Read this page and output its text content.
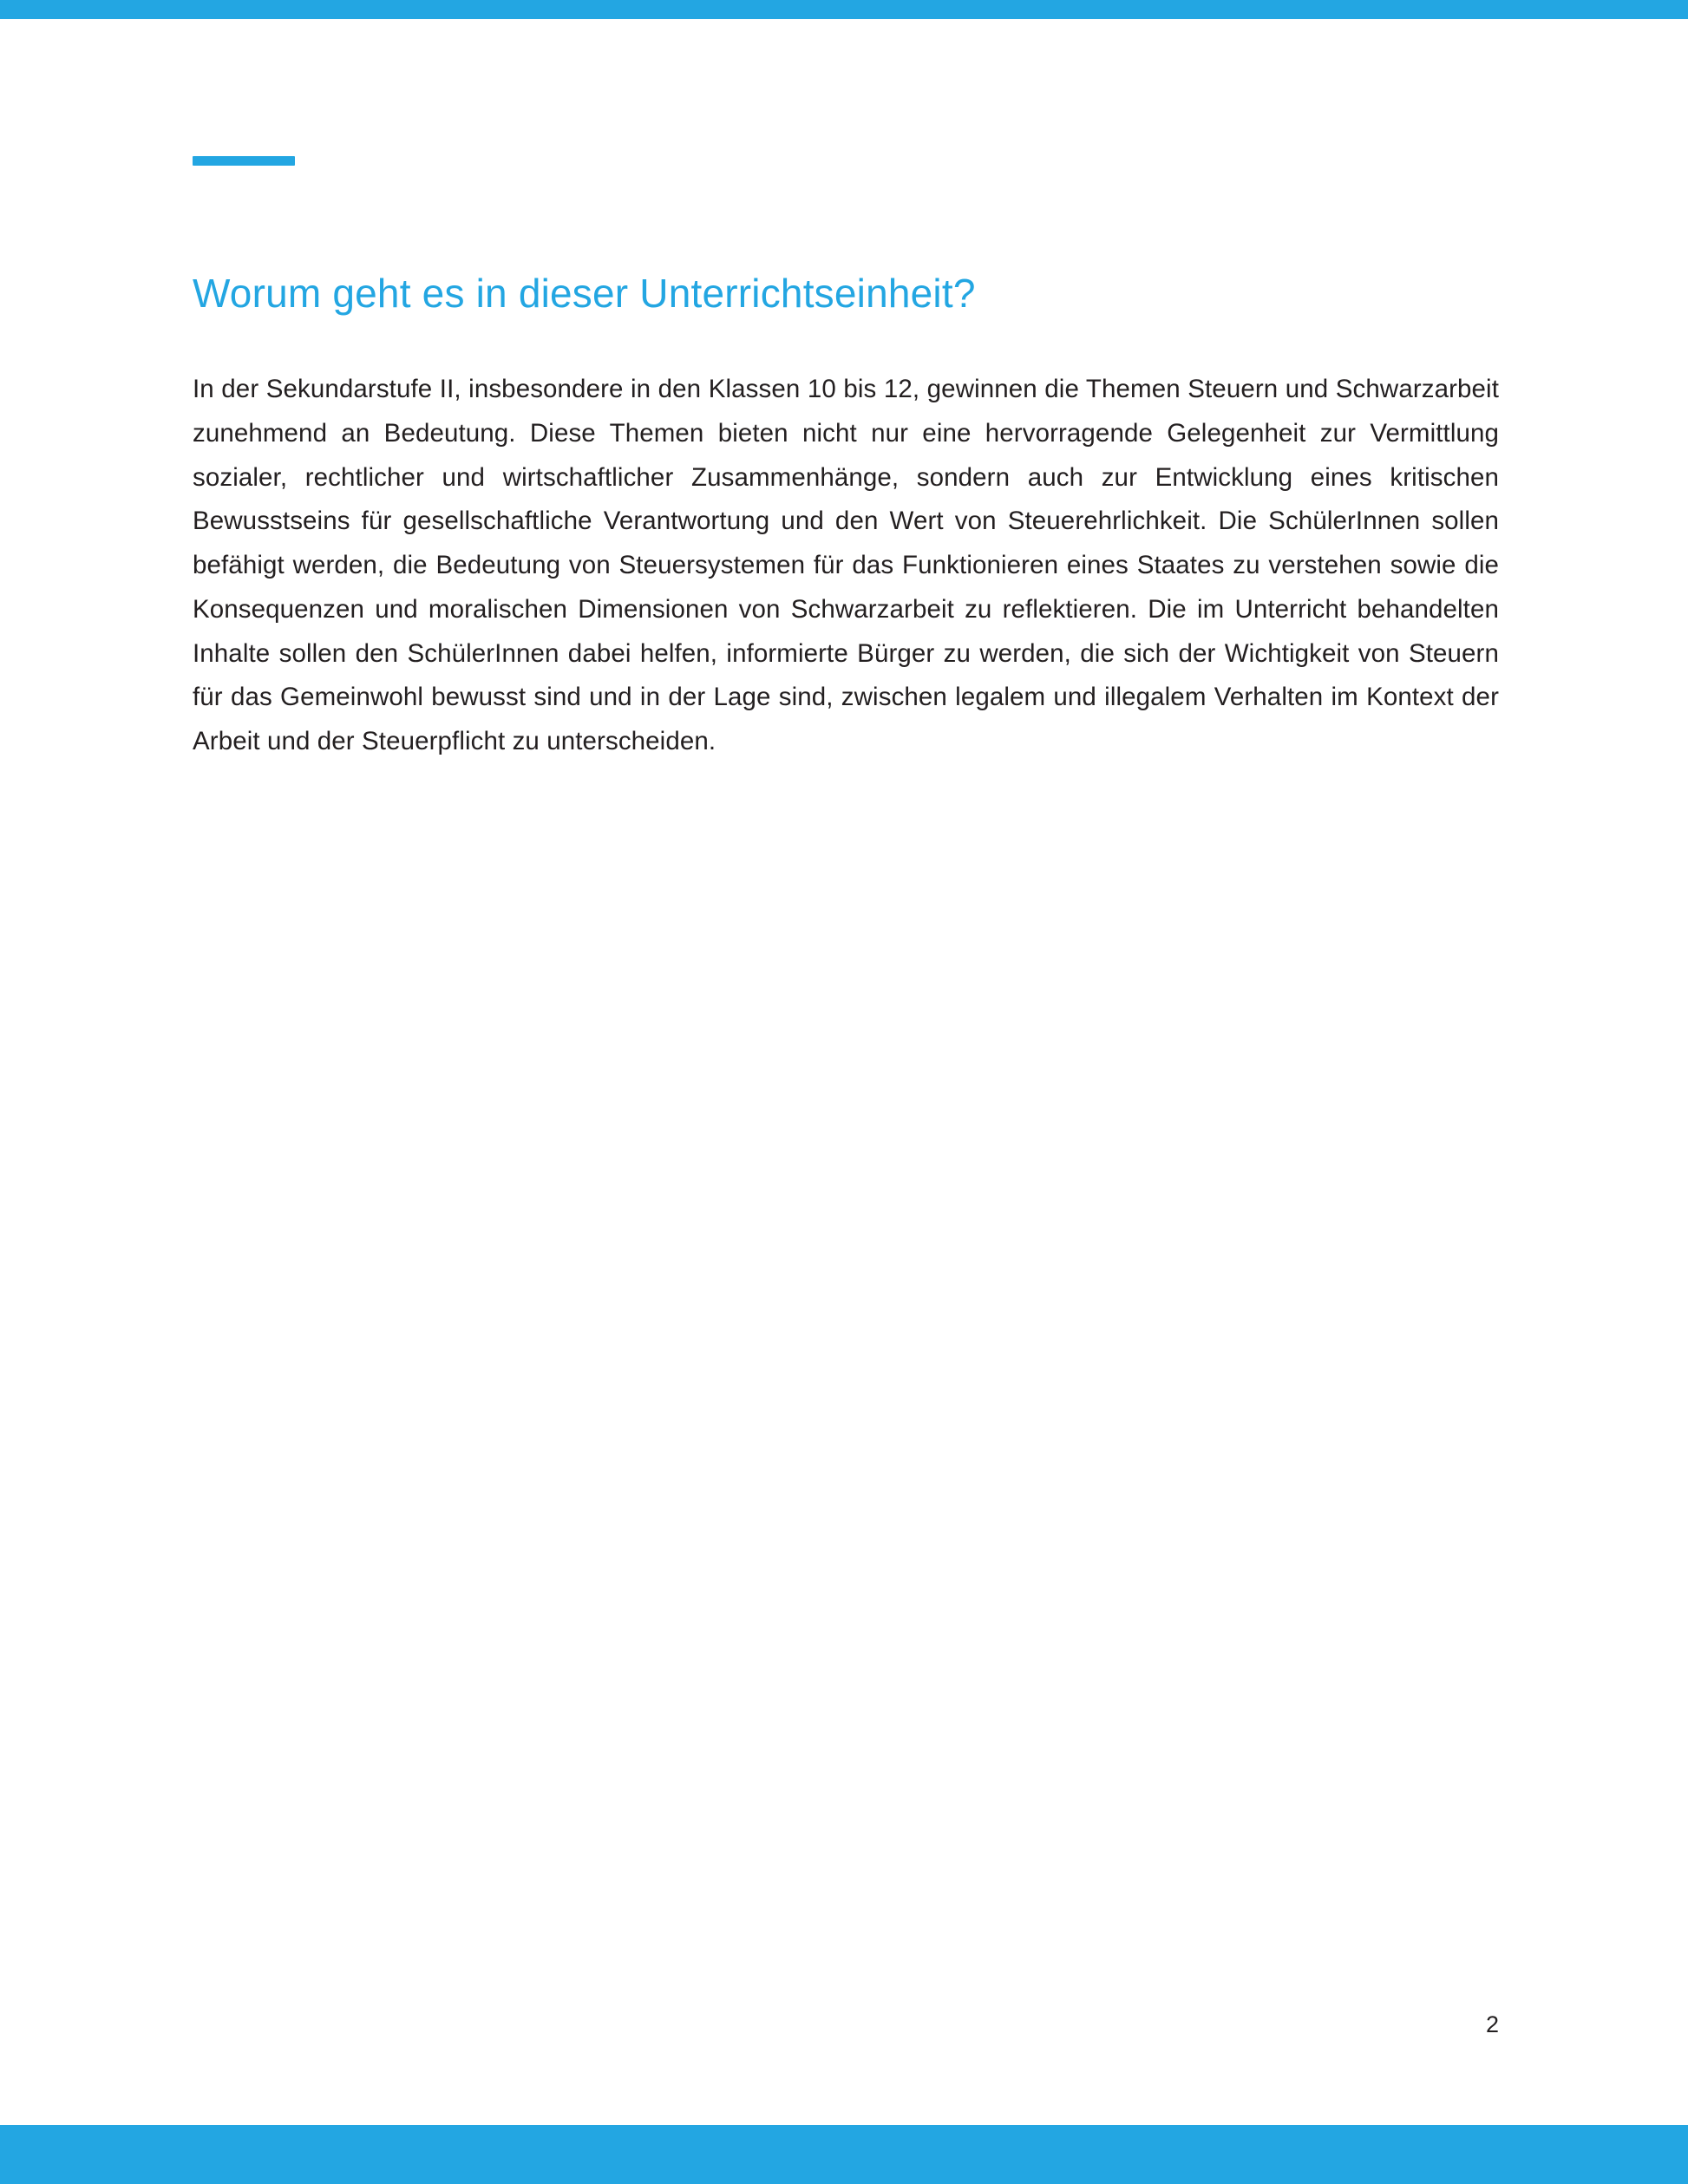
Worum geht es in dieser Unterrichtseinheit?

In der Sekundarstufe II, insbesondere in den Klassen 10 bis 12, gewinnen die Themen Steuern und Schwarzarbeit zunehmend an Bedeutung. Diese Themen bieten nicht nur eine hervorragende Gelegenheit zur Vermittlung sozialer, rechtlicher und wirtschaftlicher Zusammenhänge, sondern auch zur Entwicklung eines kritischen Bewusstseins für gesellschaftliche Verantwortung und den Wert von Steuerehrlichkeit. Die SchülerInnen sollen befähigt werden, die Bedeutung von Steuersystemen für das Funktionieren eines Staates zu verstehen sowie die Konsequenzen und moralischen Dimensionen von Schwarzarbeit zu reflektieren. Die im Unterricht behandelten Inhalte sollen den SchülerInnen dabei helfen, informierte Bürger zu werden, die sich der Wichtigkeit von Steuern für das Gemeinwohl bewusst sind und in der Lage sind, zwischen legalem und illegalem Verhalten im Kontext der Arbeit und der Steuerpflicht zu unterscheiden.

2
